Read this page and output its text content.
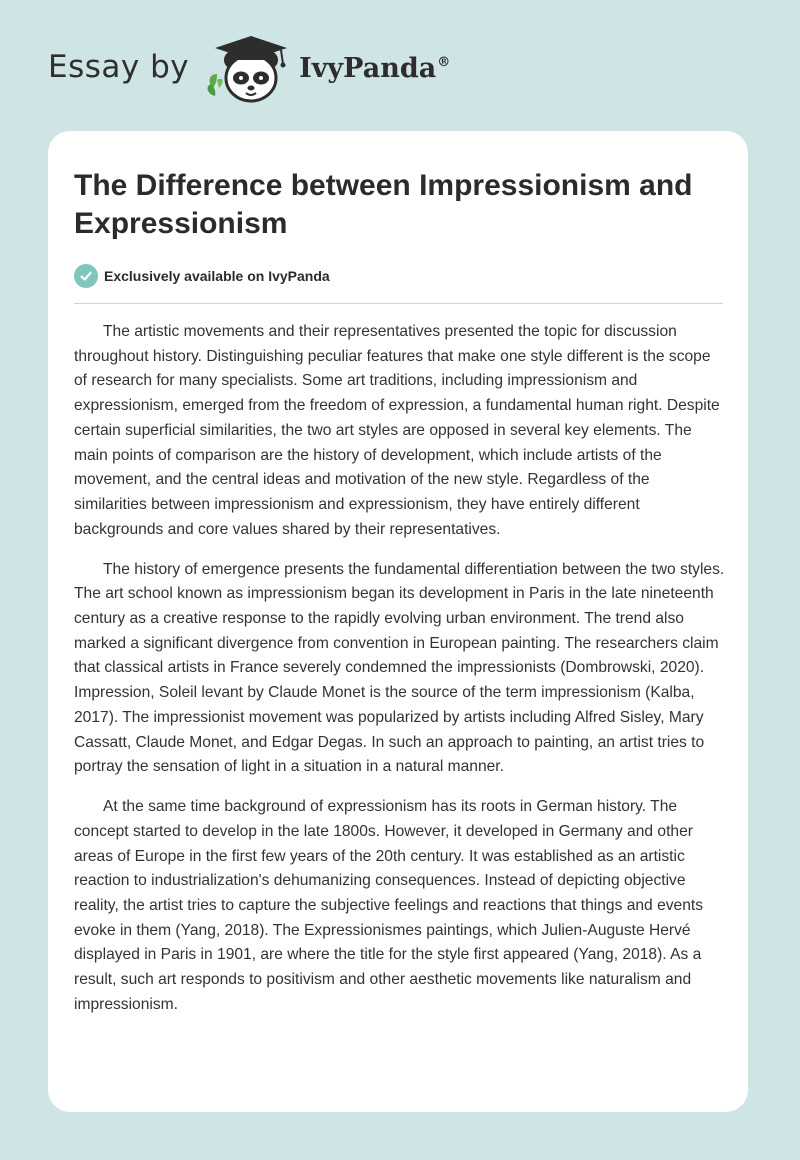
Essay by	IvyPanda®
The Difference between Impressionism and Expressionism
Exclusively available on IvyPanda

The artistic movements and their representatives presented the topic for discussion throughout history. Distinguishing peculiar features that make one style different is the scope of research for many specialists. Some art traditions, including impressionism and expressionism, emerged from the freedom of expression, a fundamental human right. Despite certain superficial similarities, the two art styles are opposed in several key elements. The main points of comparison are the history of development, which include artists of the movement, and the central ideas and motivation of the new style. Regardless of the similarities between impressionism and expressionism, they have entirely different backgrounds and core values shared by their representatives.

The history of emergence presents the fundamental differentiation between the two styles. The art school known as impressionism began its development in Paris in the late nineteenth century as a creative response to the rapidly evolving urban environment. The trend also marked a significant divergence from convention in European painting. The researchers claim that classical artists in France severely condemned the impressionists (Dombrowski, 2020). Impression, Soleil levant by Claude Monet is the source of the term impressionism (Kalba, 2017). The impressionist movement was popularized by artists including Alfred Sisley, Mary Cassatt, Claude Monet, and Edgar Degas. In such an approach to painting, an artist tries to portray the sensation of light in a situation in a natural manner.

At the same time background of expressionism has its roots in German history. The concept started to develop in the late 1800s. However, it developed in Germany and other areas of Europe in the first few years of the 20th century. It was established as an artistic reaction to industrialization's dehumanizing consequences. Instead of depicting objective reality, the artist tries to capture the subjective feelings and reactions that things and events evoke in them (Yang, 2018). The Expressionismes paintings, which Julien-Auguste Hervé displayed in Paris in 1901, are where the title for the style first appeared (Yang, 2018). As a result, such art responds to positivism and other aesthetic movements like naturalism and impressionism.
